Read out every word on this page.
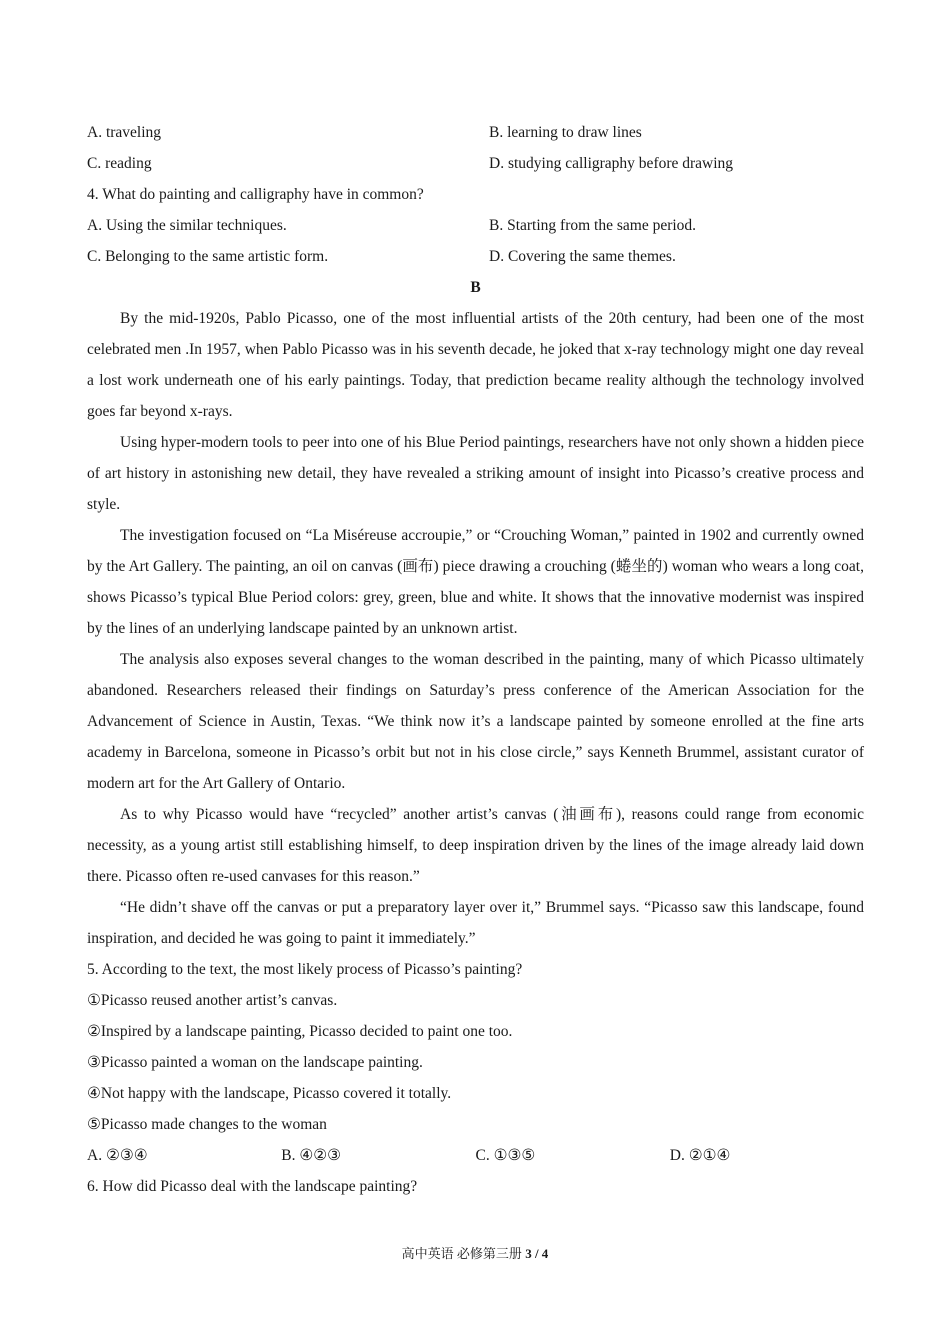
A. traveling	B. learning to draw lines
C. reading	D. studying calligraphy before drawing
4. What do painting and calligraphy have in common?
A. Using the similar techniques.	B. Starting from the same period.
C. Belonging to the same artistic form.	D. Covering the same themes.
B

By the mid-1920s, Pablo Picasso, one of the most influential artists of the 20th century, had been one of the most celebrated men .In 1957, when Pablo Picasso was in his seventh decade, he joked that x-ray technology might one day reveal a lost work underneath one of his early paintings. Today, that prediction became reality although the technology involved goes far beyond x-rays.

Using hyper-modern tools to peer into one of his Blue Period paintings, researchers have not only shown a hidden piece of art history in astonishing new detail, they have revealed a striking amount of insight into Picasso’s creative process and style.

The investigation focused on “La Miséreuse accroupie,” or “Crouching Woman,” painted in 1902 and currently owned by the Art Gallery. The painting, an oil on canvas (画布) piece drawing a crouching (蜷坐的) woman who wears a long coat, shows Picasso’s typical Blue Period colors: grey, green, blue and white. It shows that the innovative modernist was inspired by the lines of an underlying landscape painted by an unknown artist.

The analysis also exposes several changes to the woman described in the painting, many of which Picasso ultimately abandoned. Researchers released their findings on Saturday’s press conference of the American Association for the Advancement of Science in Austin, Texas. “We think now it’s a landscape painted by someone enrolled at the fine arts academy in Barcelona, someone in Picasso’s orbit but not in his close circle,” says Kenneth Brummel, assistant curator of modern art for the Art Gallery of Ontario.

As to why Picasso would have “recycled” another artist’s canvas (油画布), reasons could range from economic necessity, as a young artist still establishing himself, to deep inspiration driven by the lines of the image already laid down there. Picasso often re-used canvases for this reason.”

“He didn’t shave off the canvas or put a preparatory layer over it,” Brummel says. “Picasso saw this landscape, found inspiration, and decided he was going to paint it immediately.”

5. According to the text, the most likely process of Picasso’s painting?
①Picasso reused another artist’s canvas.
②Inspired by a landscape painting, Picasso decided to paint one too.
③Picasso painted a woman on the landscape painting.
④Not happy with the landscape, Picasso covered it totally.
⑤Picasso made changes to the woman
A. ②③④	B. ④②③	C. ①③⑤	D. ②①④
6. How did Picasso deal with the landscape painting?
高中英语 必修第三册 3 / 4
